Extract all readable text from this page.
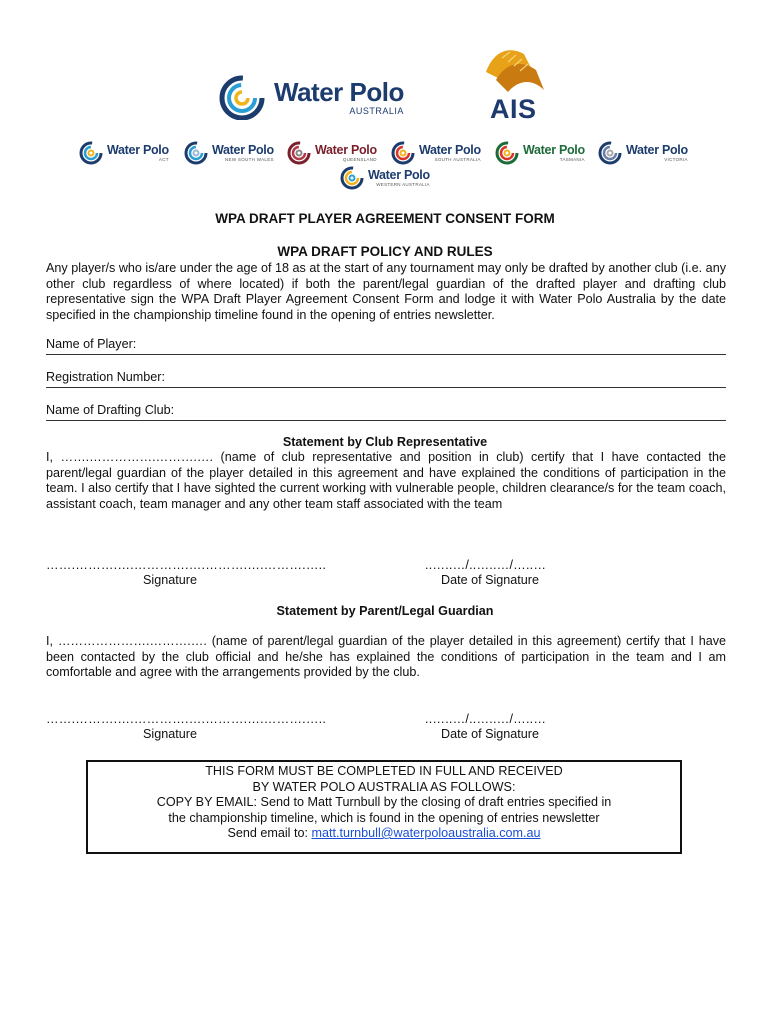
Water Polo
AUSTRALIA	AIS
Water Polo
ACT
Water Polo
NEW SOUTH WALES
Water Polo
QUEENSLAND
Water Polo
SOUTH AUSTRALIA
Water Polo
TASMANIA
Water Polo
VICTORIA
Water Polo
WESTERN AUSTRALIA
WPA DRAFT PLAYER AGREEMENT CONSENT FORM
WPA DRAFT POLICY AND RULES
Any player/s who is/are under the age of 18 as at the start of any tournament may only be drafted by another club (i.e. any other club regardless of where located) if both the parent/legal guardian of the drafted player and drafting club representative sign the WPA Draft Player Agreement Consent Form and lodge it with Water Polo Australia by the date specified in the championship timeline found in the opening of entries newsletter.
Name of Player:
Registration Number:
Name of Drafting Club:
Statement by Club Representative
I, …….…………….……….…. (name of club representative and position in club) certify that I have contacted the parent/legal guardian of the player detailed in this agreement and have explained the conditions of participation in the team. I also certify that I have sighted the current working with vulnerable people, children clearance/s for the team coach, assistant coach, team manager and any other team staff associated with the team
…….……….….………….….……….….……….…..
Signature
..…..…/..…..…/…..…
Date of Signature
Statement by Parent/Legal Guardian
I, ………………….……….…. (name of parent/legal guardian of the player detailed in this agreement) certify that I have been contacted by the club official and he/she has explained the conditions of participation in the team and I am comfortable and agree with the arrangements provided by the club.
…….……….….………….….……….….……….…..
Signature
..…..…/..…..…/…..…
Date of Signature
THIS FORM MUST BE COMPLETED IN FULL AND RECEIVED
BY WATER POLO AUSTRALIA AS FOLLOWS:
COPY BY EMAIL: Send to Matt Turnbull by the closing of draft entries specified in
the championship timeline, which is found in the opening of entries newsletter
Send email to: matt.turnbull@waterpoloaustralia.com.au
